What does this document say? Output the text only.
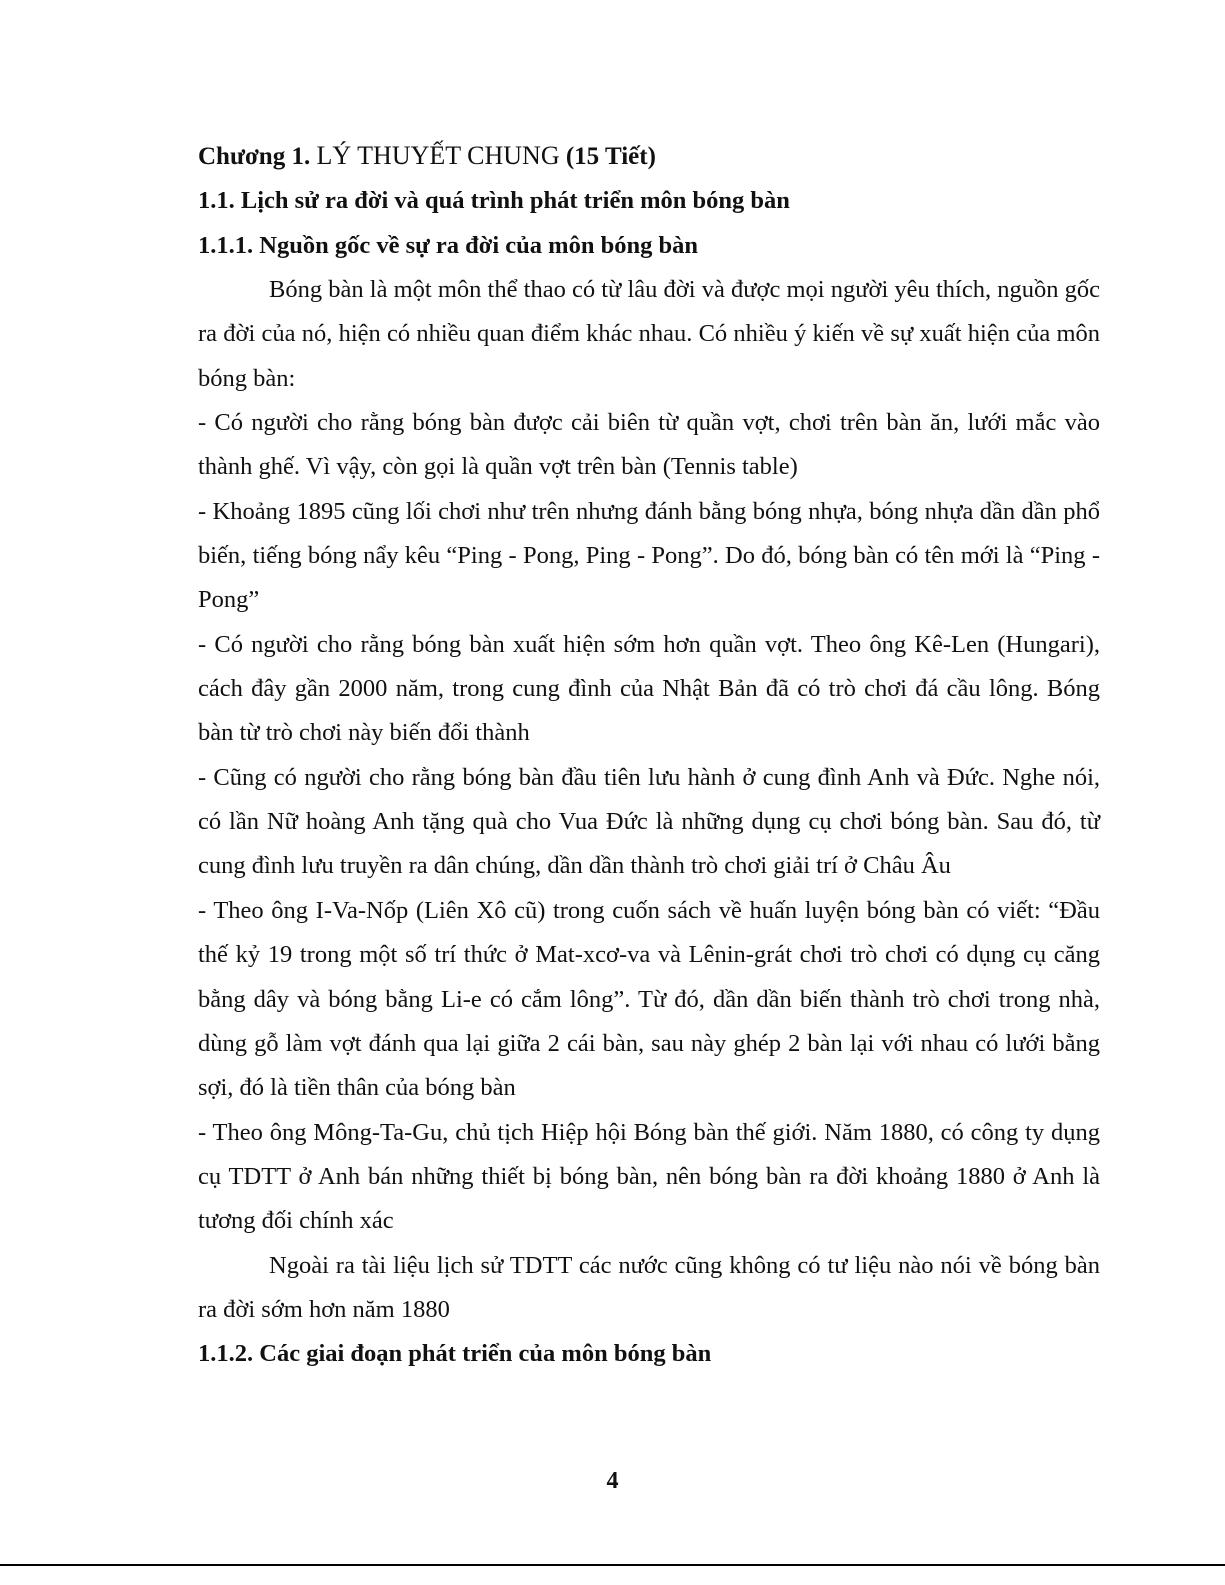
Chương 1. LÝ THUYẾT CHUNG (15 Tiết)

1.1. Lịch sử ra đời và quá trình phát triển môn bóng bàn

1.1.1. Nguồn gốc về sự ra đời của môn bóng bàn

Bóng bàn là một môn thể thao có từ lâu đời và được mọi người yêu thích, nguồn gốc ra đời của nó, hiện có nhiều quan điểm khác nhau. Có nhiều ý kiến về sự xuất hiện của môn bóng bàn:

- Có người cho rằng bóng bàn được cải biên từ quần vợt, chơi trên bàn ăn, lưới mắc vào thành ghế. Vì vậy, còn gọi là quần vợt trên bàn (Tennis table)

- Khoảng 1895 cũng lối chơi như trên nhưng đánh bằng bóng nhựa, bóng nhựa dần dần phổ biến, tiếng bóng nẩy kêu “Ping - Pong, Ping - Pong”. Do đó, bóng bàn có tên mới là “Ping - Pong”

- Có người cho rằng bóng bàn xuất hiện sớm hơn quần vợt. Theo ông Kê-Len (Hungari), cách đây gần 2000 năm, trong cung đình của Nhật Bản đã có trò chơi đá cầu lông. Bóng bàn từ trò chơi này biến đổi thành

- Cũng có người cho rằng bóng bàn đầu tiên lưu hành ở cung đình Anh và Đức. Nghe nói, có lần Nữ hoàng Anh tặng quà cho Vua Đức là những dụng cụ chơi bóng bàn. Sau đó, từ cung đình lưu truyền ra dân chúng, dần dần thành trò chơi giải trí ở Châu Âu

- Theo ông I-Va-Nốp (Liên Xô cũ) trong cuốn sách về huấn luyện bóng bàn có viết: “Đầu thế kỷ 19 trong một số trí thức ở Mat-xcơ-va và Lênin-grát chơi trò chơi có dụng cụ căng bằng dây và bóng bằng Li-e có cắm lông”. Từ đó, dần dần biến thành trò chơi trong nhà, dùng gỗ làm vợt đánh qua lại giữa 2 cái bàn, sau này ghép 2 bàn lại với nhau có lưới bằng sợi, đó là tiền thân của bóng bàn

- Theo ông Mông-Ta-Gu, chủ tịch Hiệp hội Bóng bàn thế giới. Năm 1880, có công ty dụng cụ TDTT ở Anh bán những thiết bị bóng bàn, nên bóng bàn ra đời khoảng 1880 ở Anh là tương đối chính xác

Ngoài ra tài liệu lịch sử TDTT các nước cũng không có tư liệu nào nói về bóng bàn ra đời sớm hơn năm 1880

1.1.2. Các giai đoạn phát triển của môn bóng bàn

4
